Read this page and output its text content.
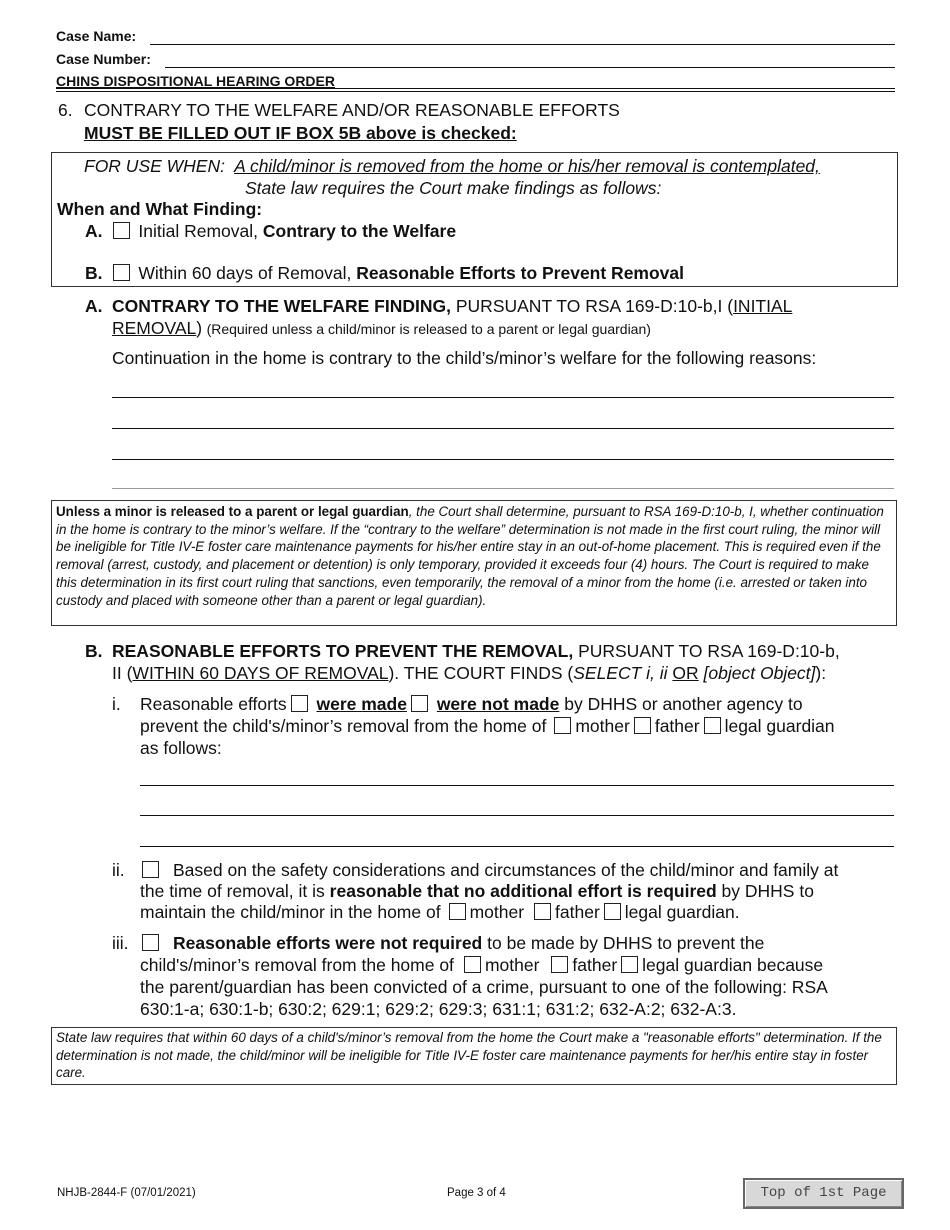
Case Name:
Case Number:
CHINS DISPOSITIONAL HEARING ORDER
6. CONTRARY TO THE WELFARE AND/OR REASONABLE EFFORTS
MUST BE FILLED OUT IF BOX 5B above is checked:
FOR USE WHEN: A child/minor is removed from the home or his/her removal is contemplated,
State law requires the Court make findings as follows:
When and What Finding:
A. Initial Removal, Contrary to the Welfare
B. Within 60 days of Removal, Reasonable Efforts to Prevent Removal
A. CONTRARY TO THE WELFARE FINDING, PURSUANT TO RSA 169-D:10-b,I (INITIAL
REMOVAL) (Required unless a child/minor is released to a parent or legal guardian)
Continuation in the home is contrary to the child’s/minor’s welfare for the following reasons:
Unless a minor is released to a parent or legal guardian, the Court shall determine, pursuant to RSA 169-D:10-b, I, whether continuation in the home is contrary to the minor’s welfare. If the “contrary to the welfare” determination is not made in the first court ruling, the minor will be ineligible for Title IV-E foster care maintenance payments for his/her entire stay in an out-of-home placement. This is required even if the removal (arrest, custody, and placement or detention) is only temporary, provided it exceeds four (4) hours. The Court is required to make this determination in its first court ruling that sanctions, even temporarily, the removal of a minor from the home (i.e. arrested or taken into custody and placed with someone other than a parent or legal guardian).
B. REASONABLE EFFORTS TO PREVENT THE REMOVAL, PURSUANT TO RSA 169-D:10-b,
II (WITHIN 60 DAYS OF REMOVAL). THE COURT FINDS (SELECT i, ii OR [object Object]):
i. Reasonable efforts were made were not made by DHHS or another agency to
prevent the child's/minor’s removal from the home of mother father legal guardian
as follows:
ii.	Based on the safety considerations and circumstances of the child/minor and family at
the time of removal, it is reasonable that no additional effort is required by DHHS to
maintain the child/minor in the home of mother father legal guardian.
iii.	Reasonable efforts were not required to be made by DHHS to prevent the
child's/minor’s removal from the home of mother father legal guardian because
the parent/guardian has been convicted of a crime, pursuant to one of the following: RSA
630:1-a; 630:1-b; 630:2; 629:1; 629:2; 629:3; 631:1; 631:2; 632-A:2; 632-A:3.
State law requires that within 60 days of a child's/minor’s removal from the home the Court make a "reasonable efforts" determination. If the determination is not made, the child/minor will be ineligible for Title IV-E foster care maintenance payments for her/his entire stay in foster care.
NHJB-2844-F (07/01/2021)	Page 3 of 4	Top of 1st Page
